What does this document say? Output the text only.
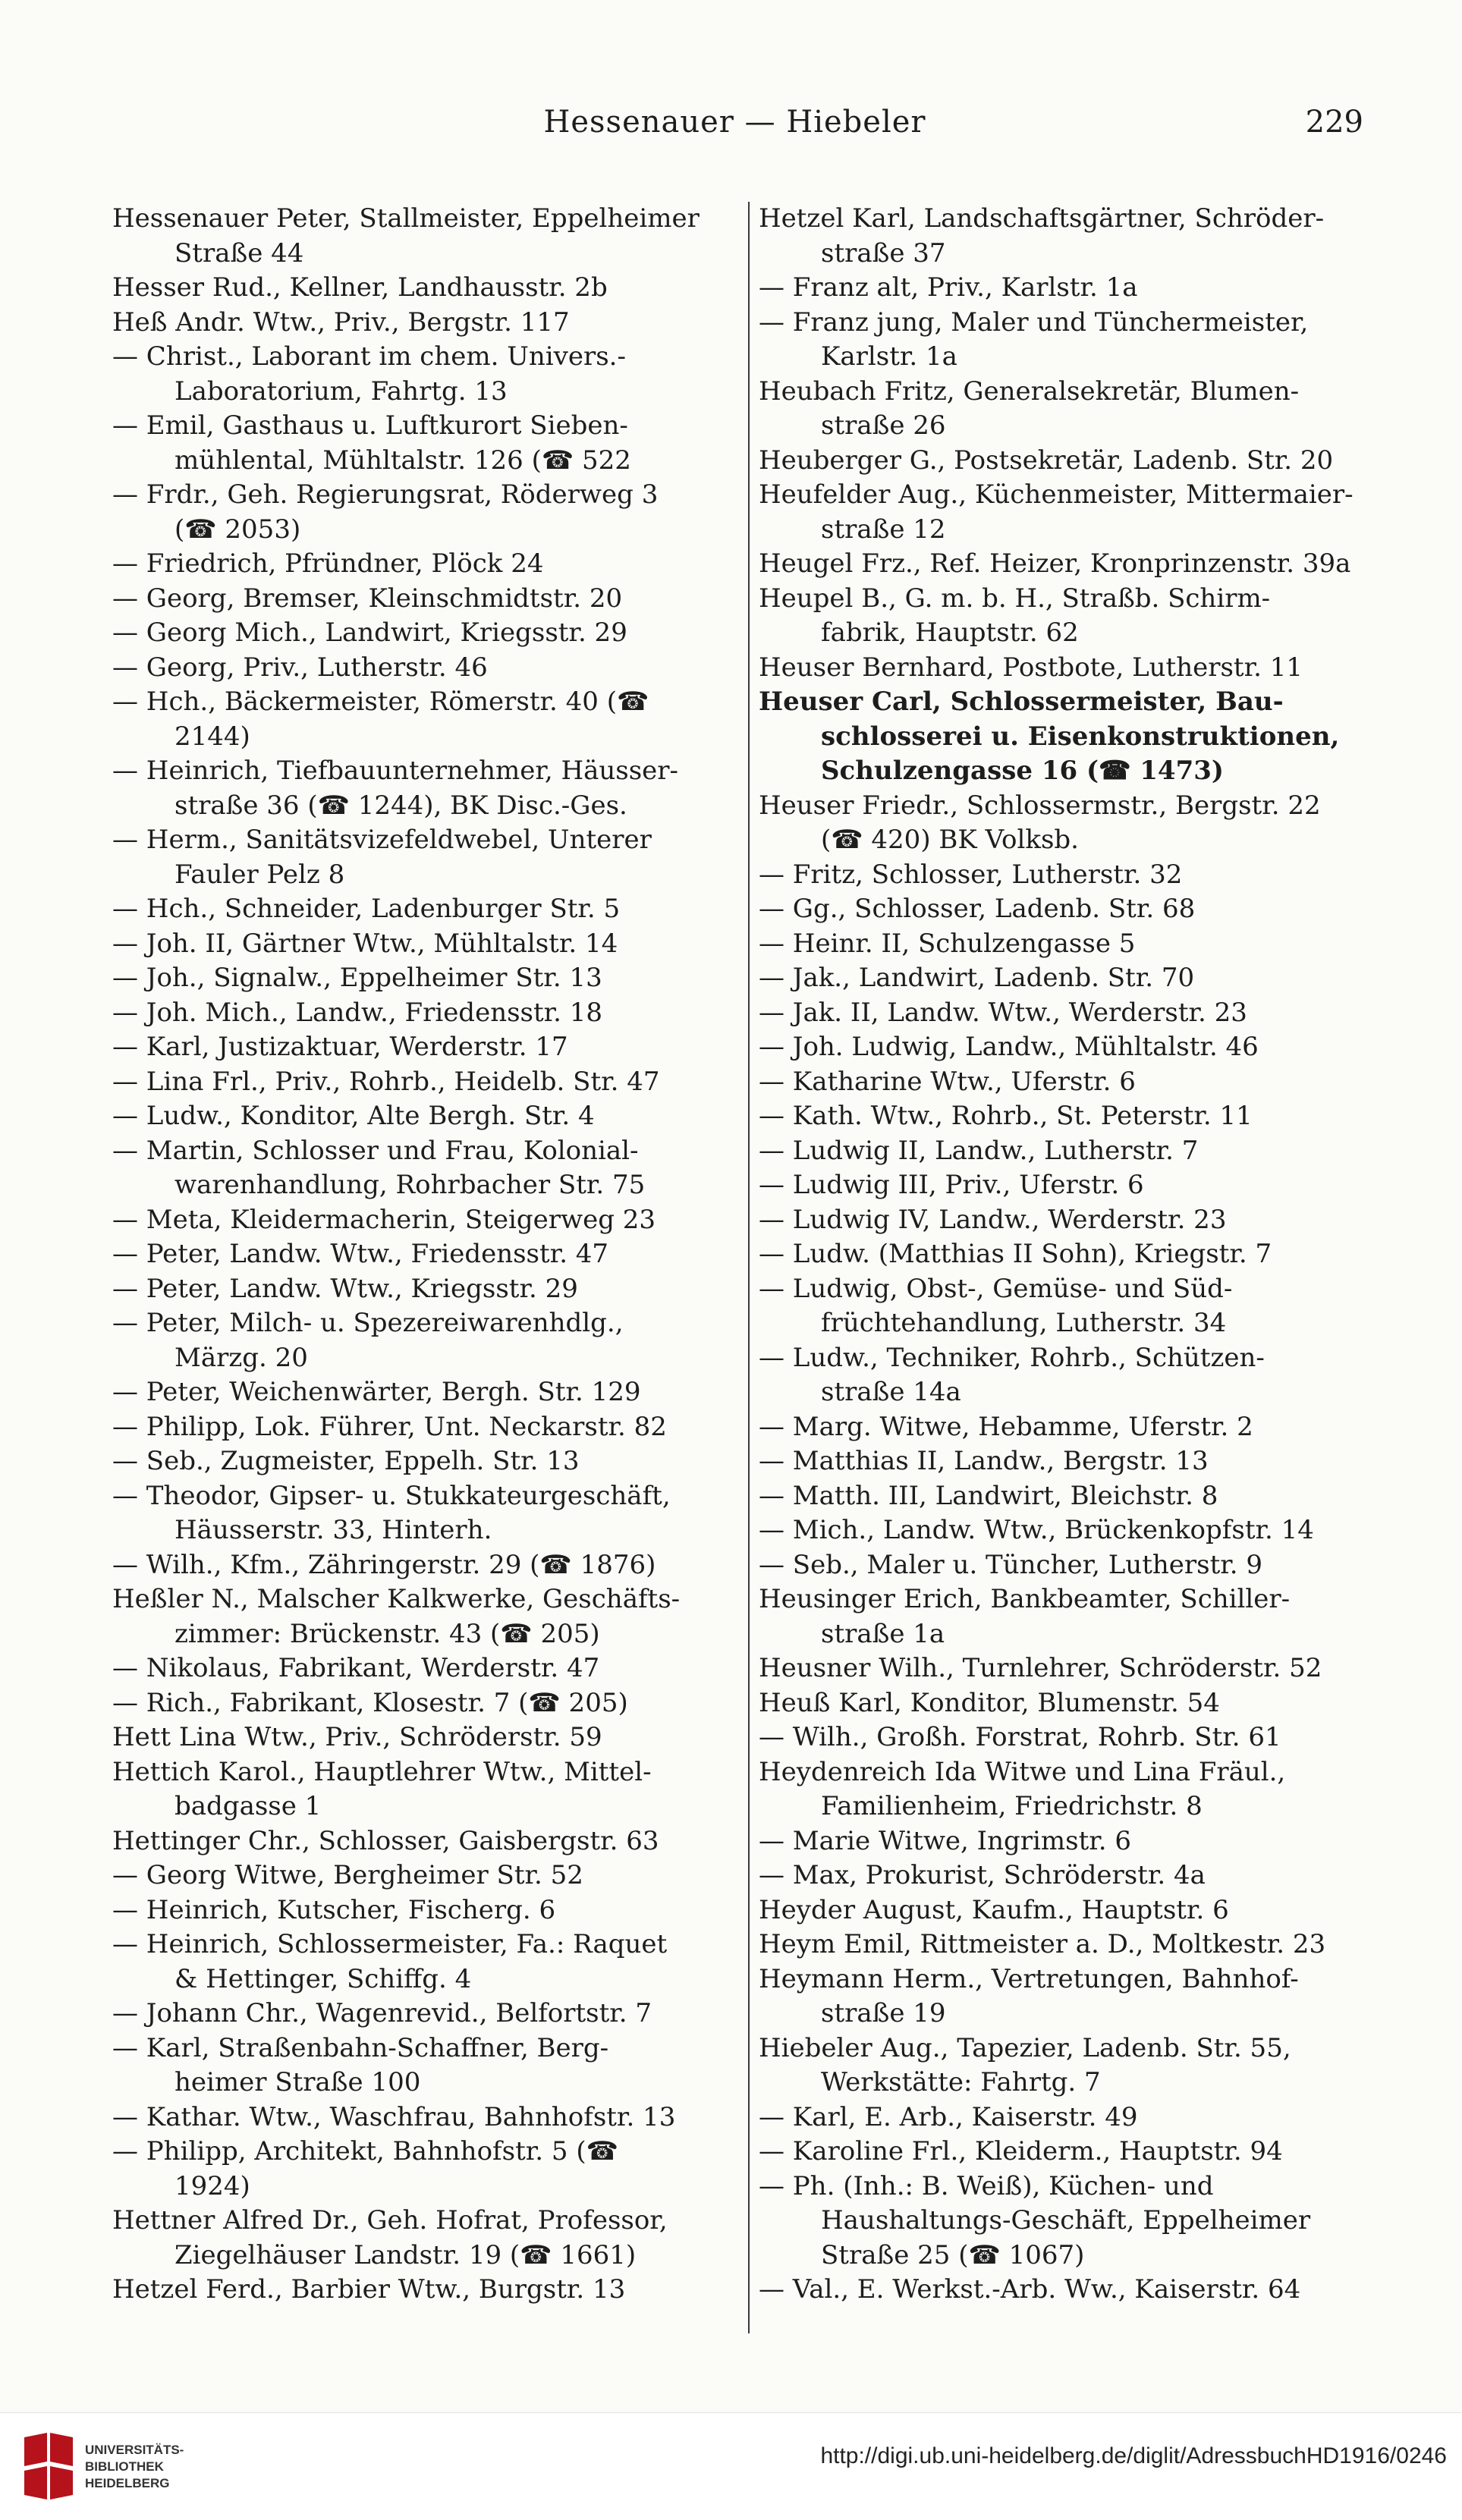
Hessenauer — Hiebeler	229
Hessenauer Peter, Stallmeister, Eppelheimer
Straße 44
Hesser Rud., Kellner, Landhausstr. 2b
Heß Andr. Wtw., Priv., Bergstr. 117
— Christ., Laborant im chem. Univers.-
Laboratorium, Fahrtg. 13
— Emil, Gasthaus u. Luftkurort Sieben-
mühlental, Mühltalstr. 126 (☎ 522
— Frdr., Geh. Regierungsrat, Röderweg 3
(☎ 2053)
— Friedrich, Pfründner, Plöck 24
— Georg, Bremser, Kleinschmidtstr. 20
— Georg Mich., Landwirt, Kriegsstr. 29
— Georg, Priv., Lutherstr. 46
— Hch., Bäckermeister, Römerstr. 40 (☎
2144)
— Heinrich, Tiefbauunternehmer, Häusser-
straße 36 (☎ 1244), BK Disc.-Ges.
— Herm., Sanitätsvizefeldwebel, Unterer
Fauler Pelz 8
— Hch., Schneider, Ladenburger Str. 5
— Joh. II, Gärtner Wtw., Mühltalstr. 14
— Joh., Signalw., Eppelheimer Str. 13
— Joh. Mich., Landw., Friedensstr. 18
— Karl, Justizaktuar, Werderstr. 17
— Lina Frl., Priv., Rohrb., Heidelb. Str. 47
— Ludw., Konditor, Alte Bergh. Str. 4
— Martin, Schlosser und Frau, Kolonial-
warenhandlung, Rohrbacher Str. 75
— Meta, Kleidermacherin, Steigerweg 23
— Peter, Landw. Wtw., Friedensstr. 47
— Peter, Landw. Wtw., Kriegsstr. 29
— Peter, Milch- u. Spezereiwarenhdlg.,
Märzg. 20
— Peter, Weichenwärter, Bergh. Str. 129
— Philipp, Lok. Führer, Unt. Neckarstr. 82
— Seb., Zugmeister, Eppelh. Str. 13
— Theodor, Gipser- u. Stukkateurgeschäft,
Häusserstr. 33, Hinterh.
— Wilh., Kfm., Zähringerstr. 29 (☎ 1876)
Heßler N., Malscher Kalkwerke, Geschäfts-
zimmer: Brückenstr. 43 (☎ 205)
— Nikolaus, Fabrikant, Werderstr. 47
— Rich., Fabrikant, Klosestr. 7 (☎ 205)
Hett Lina Wtw., Priv., Schröderstr. 59
Hettich Karol., Hauptlehrer Wtw., Mittel-
badgasse 1
Hettinger Chr., Schlosser, Gaisbergstr. 63
— Georg Witwe, Bergheimer Str. 52
— Heinrich, Kutscher, Fischerg. 6
— Heinrich, Schlossermeister, Fa.: Raquet
& Hettinger, Schiffg. 4
— Johann Chr., Wagenrevid., Belfortstr. 7
— Karl, Straßenbahn-Schaffner, Berg-
heimer Straße 100
— Kathar. Wtw., Waschfrau, Bahnhofstr. 13
— Philipp, Architekt, Bahnhofstr. 5 (☎
1924)
Hettner Alfred Dr., Geh. Hofrat, Professor,
Ziegelhäuser Landstr. 19 (☎ 1661)
Hetzel Ferd., Barbier Wtw., Burgstr. 13
Hetzel Karl, Landschaftsgärtner, Schröder-
straße 37
— Franz alt, Priv., Karlstr. 1a
— Franz jung, Maler und Tünchermeister,
Karlstr. 1a
Heubach Fritz, Generalsekretär, Blumen-
straße 26
Heuberger G., Postsekretär, Ladenb. Str. 20
Heufelder Aug., Küchenmeister, Mittermaier-
straße 12
Heugel Frz., Ref. Heizer, Kronprinzenstr. 39a
Heupel B., G. m. b. H., Straßb. Schirm-
fabrik, Hauptstr. 62
Heuser Bernhard, Postbote, Lutherstr. 11
Heuser Carl, Schlossermeister, Bau-
schlosserei u. Eisenkonstruktionen,
Schulzengasse 16 (☎ 1473)
Heuser Friedr., Schlossermstr., Bergstr. 22
(☎ 420) BK Volksb.
— Fritz, Schlosser, Lutherstr. 32
— Gg., Schlosser, Ladenb. Str. 68
— Heinr. II, Schulzengasse 5
— Jak., Landwirt, Ladenb. Str. 70
— Jak. II, Landw. Wtw., Werderstr. 23
— Joh. Ludwig, Landw., Mühltalstr. 46
— Katharine Wtw., Uferstr. 6
— Kath. Wtw., Rohrb., St. Peterstr. 11
— Ludwig II, Landw., Lutherstr. 7
— Ludwig III, Priv., Uferstr. 6
— Ludwig IV, Landw., Werderstr. 23
— Ludw. (Matthias II Sohn), Kriegstr. 7
— Ludwig, Obst-, Gemüse- und Süd-
früchtehandlung, Lutherstr. 34
— Ludw., Techniker, Rohrb., Schützen-
straße 14a
— Marg. Witwe, Hebamme, Uferstr. 2
— Matthias II, Landw., Bergstr. 13
— Matth. III, Landwirt, Bleichstr. 8
— Mich., Landw. Wtw., Brückenkopfstr. 14
— Seb., Maler u. Tüncher, Lutherstr. 9
Heusinger Erich, Bankbeamter, Schiller-
straße 1a
Heusner Wilh., Turnlehrer, Schröderstr. 52
Heuß Karl, Konditor, Blumenstr. 54
— Wilh., Großh. Forstrat, Rohrb. Str. 61
Heydenreich Ida Witwe und Lina Fräul.,
Familienheim, Friedrichstr. 8
— Marie Witwe, Ingrimstr. 6
— Max, Prokurist, Schröderstr. 4a
Heyder August, Kaufm., Hauptstr. 6
Heym Emil, Rittmeister a. D., Moltkestr. 23
Heymann Herm., Vertretungen, Bahnhof-
straße 19
Hiebeler Aug., Tapezier, Ladenb. Str. 55,
Werkstätte: Fahrtg. 7
— Karl, E. Arb., Kaiserstr. 49
— Karoline Frl., Kleiderm., Hauptstr. 94
— Ph. (Inh.: B. Weiß), Küchen- und
Haushaltungs-Geschäft, Eppelheimer
Straße 25 (☎ 1067)
— Val., E. Werkst.-Arb. Ww., Kaiserstr. 64
UNIVERSITÄTS-
BIBLIOTHEK
HEIDELBERG
http://digi.ub.uni-heidelberg.de/diglit/AdressbuchHD1916/0246
